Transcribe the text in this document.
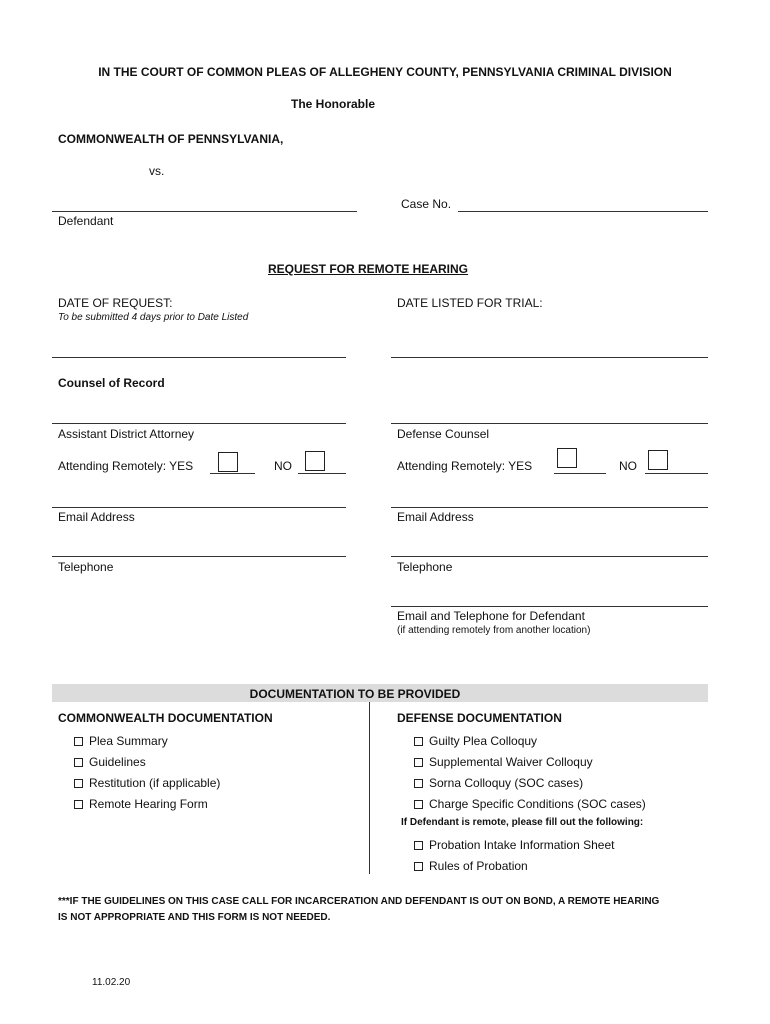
IN THE COURT OF COMMON PLEAS OF ALLEGHENY COUNTY, PENNSYLVANIA CRIMINAL DIVISION
The Honorable
COMMONWEALTH OF PENNSYLVANIA,
vs.
Defendant
Case No.
REQUEST FOR REMOTE HEARING
DATE OF REQUEST:
To be submitted 4 days prior to Date Listed
DATE LISTED FOR TRIAL:
Counsel of Record
Assistant District Attorney
Attending Remotely: YES	NO
Email Address
Telephone
Defense Counsel
Attending Remotely: YES	NO
Email Address
Telephone
Email and Telephone for Defendant
(if attending remotely from another location)
DOCUMENTATION TO BE PROVIDED
COMMONWEALTH DOCUMENTATION
Plea Summary
Guidelines
Restitution (if applicable)
Remote Hearing Form
DEFENSE DOCUMENTATION
Guilty Plea Colloquy
Supplemental Waiver Colloquy
Sorna Colloquy (SOC cases)
Charge Specific Conditions (SOC cases)
If Defendant is remote, please fill out the following:
Probation Intake Information Sheet
Rules of Probation
***IF THE GUIDELINES ON THIS CASE CALL FOR INCARCERATION AND DEFENDANT IS OUT ON BOND, A REMOTE HEARING
IS NOT APPROPRIATE AND THIS FORM IS NOT NEEDED.
11.02.20
